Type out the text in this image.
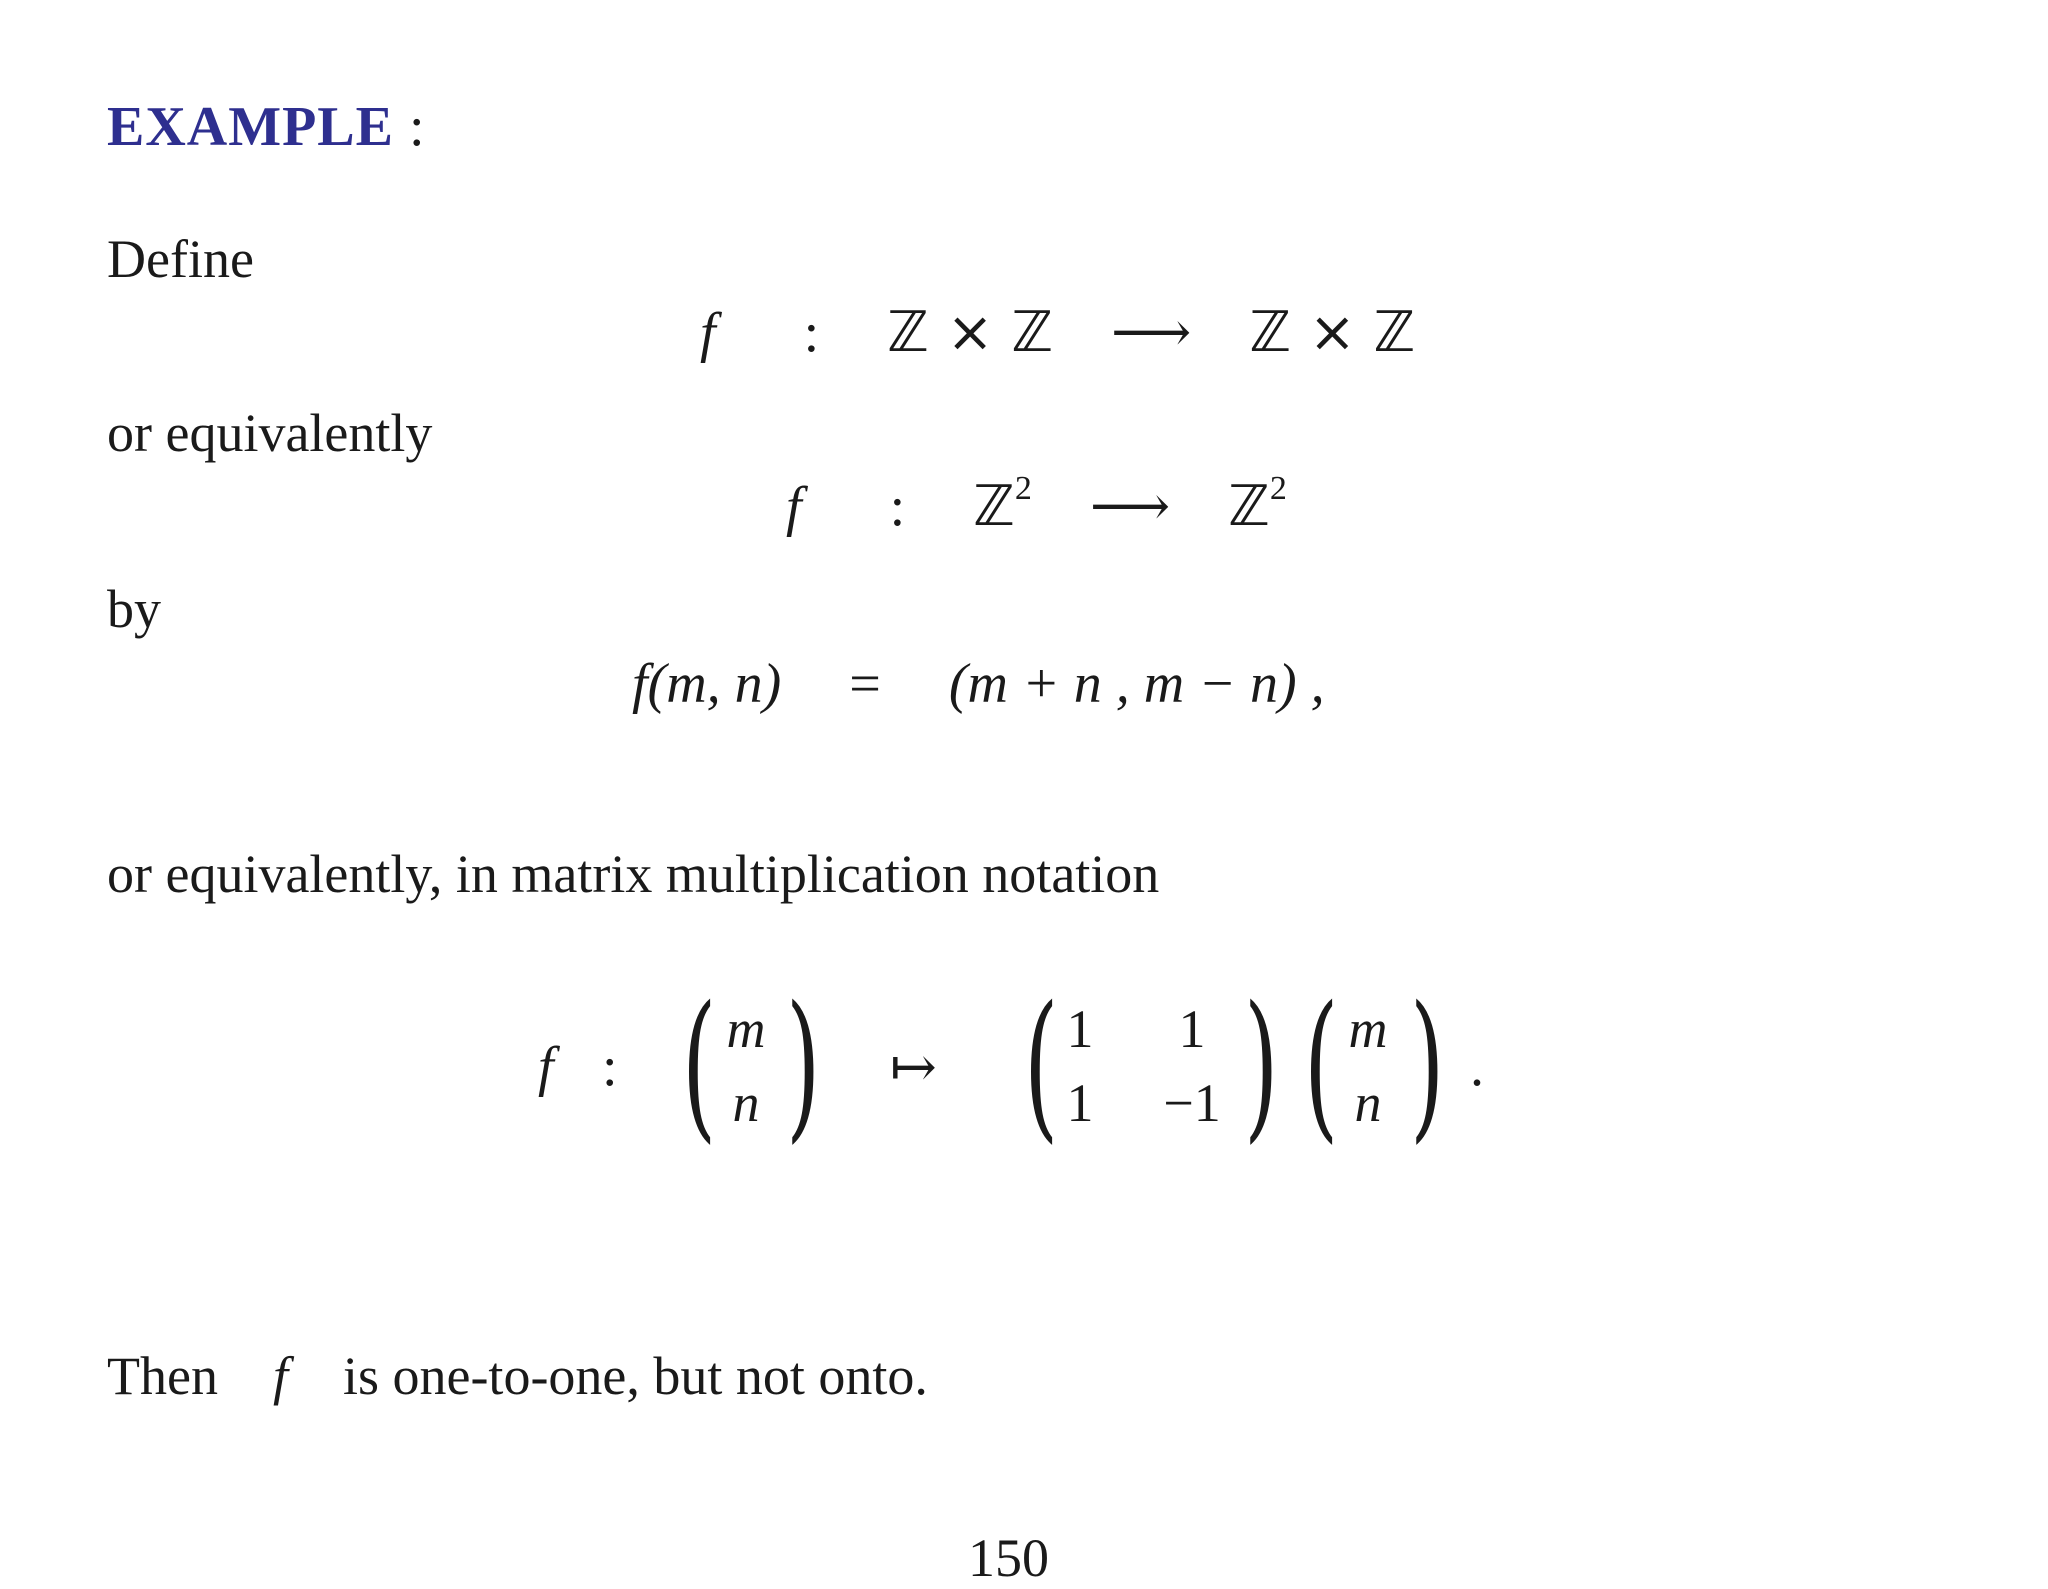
EXAMPLE :
Define
f : ℤ × ℤ ⟶ ℤ × ℤ
or equivalently
f : ℤ$^2$ ⟶ ℤ$^2$
by
f(m, n) = (m + n , m − n) ,
or equivalently, in matrix multiplication notation
f : ( m
n ) ↦ ( 1	1
1	−1 ) ( m
n ) .
Then f is one-to-one, but not onto.
150
